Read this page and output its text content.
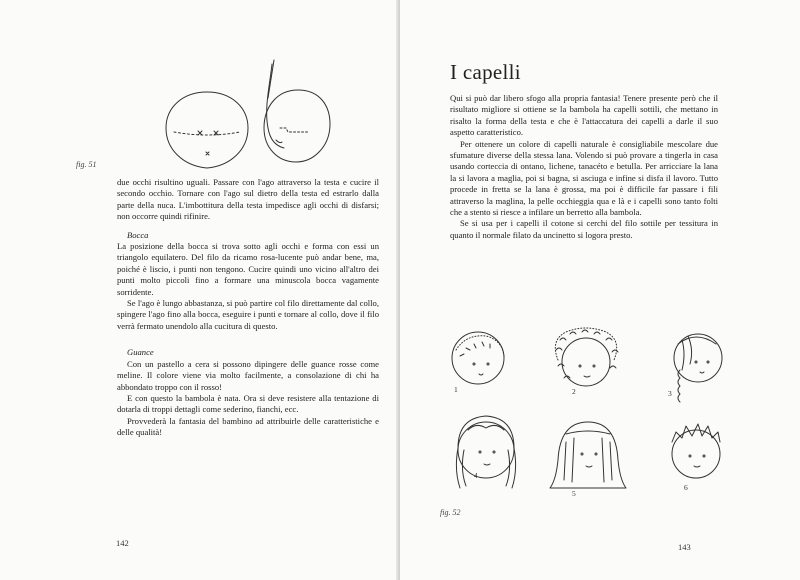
fig. 51

due occhi risultino uguali. Passare con l'ago attraverso la testa e cucire il secondo occhio. Tornare con l'ago sul dietro della testa ed estrarlo dalla parte della nuca. L'imbottitura della testa impedisce agli occhi di disfarsi; non occorre quindi rifinire.

Bocca

La posizione della bocca si trova sotto agli occhi e forma con essi un triangolo equilatero. Del filo da ricamo rosa-lucente può andar bene, ma, poiché è liscio, i punti non tengono. Cucire quindi uno vicino all'altro dei punti molto piccoli fino a formare una minuscola bocca vagamente sorridente.

Se l'ago è lungo abbastanza, si può partire col filo direttamente dal collo, spingere l'ago fino alla bocca, eseguire i punti e tornare al collo, dove il filo verrà fermato unendolo alla cucitura di questo.

Guance

Con un pastello a cera si possono dipingere delle guance rosse come meline. Il colore viene via molto facilmente, a consolazione di chi ha abbondato troppo con il rosso!

E con questo la bambola è nata. Ora si deve resistere alla tentazione di dotarla di troppi dettagli come sederino, fianchi, ecc.

Provvederà la fantasia del bambino ad attribuirle delle caratteristiche e delle qualità!

142
I capelli

Qui si può dar libero sfogo alla propria fantasia! Tenere presente però che il risultato migliore si ottiene se la bambola ha capelli sottili, che mettano in risalto la forma della testa e che è l'attaccatura dei capelli a darle il suo aspetto caratteristico.

Per ottenere un colore di capelli naturale è consigliabile mescolare due sfumature diverse della stessa lana. Volendo si può provare a tingerla in casa usando corteccia di ontano, lichene, tanacéto e betulla. Per arricciare la lana la si lavora a maglia, poi si bagna, si asciuga e infine si disfa il lavoro. Tutto procede in fretta se la lana è grossa, ma poi è difficile far passare i fili attraverso la maglina, la pelle occhieggia qua e là e i capelli sono tanto folti che a stento si riesce a infilare un berretto alla bambola.

Se si usa per i capelli il cotone si cerchi del filo sottile per tessitura in quanto il normale filato da uncinetto si logora presto.

1	2	3
4
5
6
fig. 52
143
